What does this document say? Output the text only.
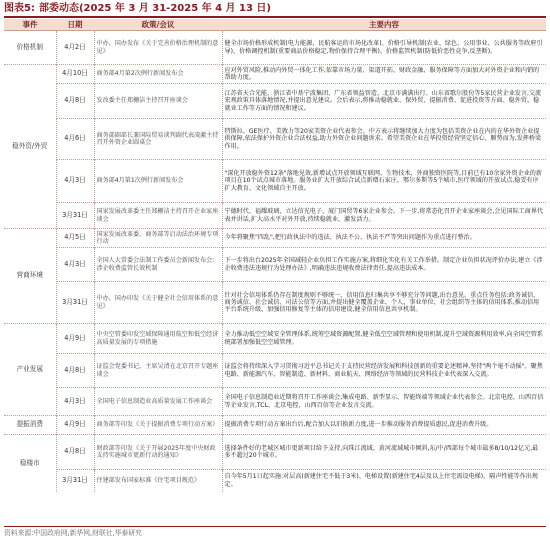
图表5: 部委动态(2025 年 3 月 31-2025 年 4 月 13 日)
事件	日期	政策/会议	主要内容
价格机制	4月2日	中办、国办发布《关于完善价格治理机制的意见》	健全市场价格形成机制(电力能源、民航客运的市场化改革)、价格引导机制(农业、绿色、公用事业、公共服务等政府引导)、价格调控机制(重要商品价格稳定,物价保持合理平衡)、价格监管机制(防低价恶性竞争,反垄断)。
稳外资/外贸	4月10日	商务部4月第2次例行新闻发布会	应对外贸风险,推动内外贸一体化工作,依靠市场力量、渠道开拓、财政金融、服务保障等方面加大对外资企业和内销的帮助力度。
	4月8日	发改委主任郑栅洁主持召开座谈会	江苏省天合光能、浙江省中基宁波集团、广东省领益智造、北京市满满出行、山东省歌尔股份等5家民营企业发言,交流宏观政策具体落地情况,并提出意见建议。会后表示,将推动稳就业、保外贸、提振消费、促进投资等方面、稳外贸、稳就业工作等方面的情况和建议。
	4月6日	商务部副部长兼国际贸易谈判副代表凌激主持召开外资企业圆桌会	特斯拉、GE医疗、美敦力等20家美资企业代表参会。中方表示将继续加大力度为包括美资企业在内的在华外资企业提供保障,依法保护外资企业合法权益,助力外资企业问题诉求。希望美资企业在华投资经营坚定信心、顺势而为,发挥桥梁作用。
	4月3日	商务部4月第1次例行新闻发布会	"深化开放稳外资12条"落地见效,新增试点开放领域互联网、生物技术、外商独资医院等,目前已有10余家外资企业的新项目在10个试点城市落地。服务业扩大开放综合试点新增石家庄、鄂尔多斯等5个城市,医疗领域的开放试点,稳妥有序扩大教育、文化领域自主开放。
	3月31日	国家发展改革委主任郑栅洁主持召开企业家座谈会	宁德时代、福耀玻璃、立达信光电子、厦门国贸等6家企业参会。下一步,将常态化召开企业家座谈会,会见国际工商界代表并讲话,扩大高水平对外开放,持续稳就业、激发活力。
营商环境	4月5日	国家发展改革委、商务部等启动法治环境专项行动	今年将聚焦"四乱",把行政执法中的违法、执法不公、执法不严等突出问题作为重点进行整治。
	4月3日	全国人大常委会法制工作委员会新闻发布会:涉企收费监管长效机制	下一步将出台2025年全国减轻企业负担工作实施方案,将细化实化有关工作举措。制定企业负担状况评价办法,建立《涉企收费违法违规行为处理办法》,明确违法违规收费法律责任,提高违法成本。
	3月31日	中办、国办印发《关于健全社会信用体系的意见》	针对社会信用体系仍存在制度规则不够统一、信用信息归集共享不够充分等问题,出台意见。重点任务包括:政务诚信、商务诚信、社会诚信、司法公信等方面,并提出健全覆盖企业、个人、事业单位、社会组织等主体的信用体系,推动信用平台系统升级、加强信用修复等主体的信用建设,健全信用信息共享机制。
产业发展	4月9日	中央空管委印发空域保障通用航空和低空经济高质量发展的专项措施	全力推动低空空域安全管理体系,统筹空域资源配置,健全低空空域管理和使用机制,提升空域资源利用效率,向全国空管系统部署加强低空空域管理。
	4月8日	证监会党委书记、主席吴清在北京召开专题座谈会	证监会将持续深入学习贯彻习近平总书记关于支持民营经济发展和科技创新的重要论述精神,坚持"两个毫不动摇"。聚焦电路、新能源汽车、智能制造、新材料、商业航天、网络经济等领域的民营科技企业代表深入交流。
	4月3日	全国电子信息制造业高质量发展工作座谈会	全国电子信息制造业近期将召开工作座谈会,集成电路、新型显示、智能终端等领域企业代表参会。北京电控、山西百信等企业发言,TCL、北京电控、山西百信等企业发言交流。
提振消费	4月9日	商务部等印发《关于提振消费专项行动方案》	提振消费专项行动方案出台后,配合加大以旧换新力度,进一步推动服务消费提质惠民,促进消费升级。
稳楼市	4月8日	财政部等印发《关于开展2025年度中央财政支持实施城市更新行动的通知》	选择条件好的老城区城市更新项目给予支持,向珠江流域、黄河流域城市倾斜,东/中/西部每个城市最多8/10/12亿元,最多不超过20个城市。
	3月31日	住建部发布国家标准《住宅项目规范》	自今年5月1日起实施:对层高(新建住宅不低于3米)、电梯设置(新建住宅4层及以上住宅需设电梯)、隔声性能等作出规定。
资料来源:中国政府网,新华网,财联社,华泰研究
